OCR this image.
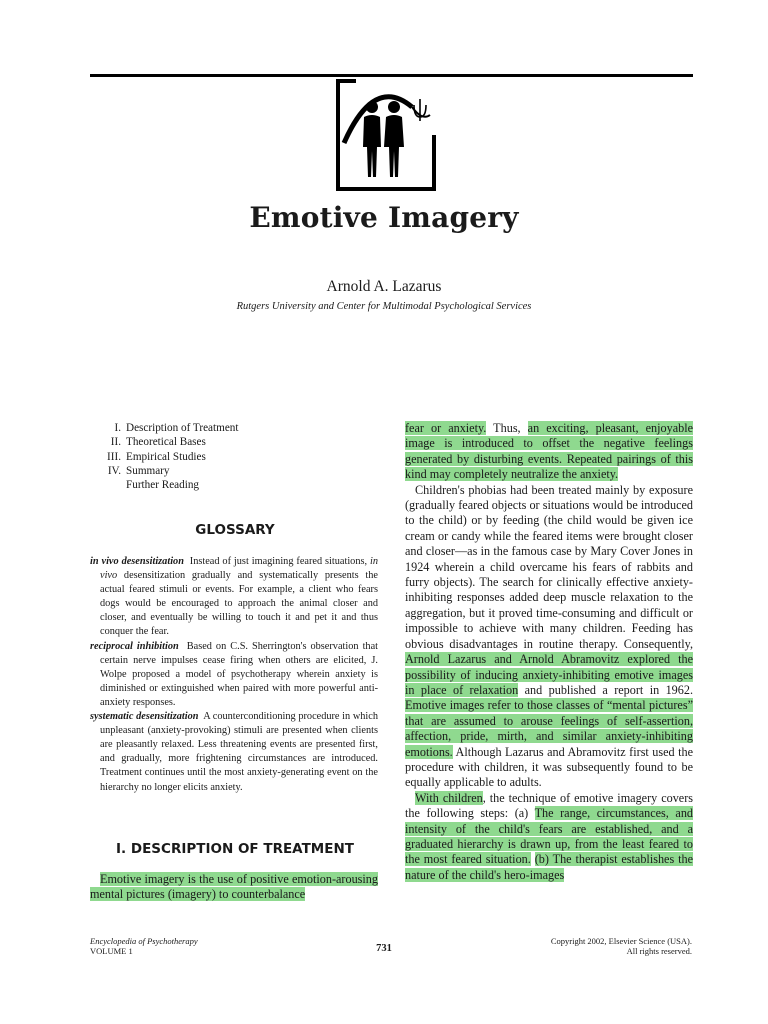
Emotive Imagery
Arnold A. Lazarus
Rutgers University and Center for Multimodal Psychological Services
I. Description of Treatment
II. Theoretical Bases
III. Empirical Studies
IV. Summary
Further Reading
GLOSSARY

in vivo desensitization Instead of just imagining feared situations, in vivo desensitization gradually and systematically presents the actual feared stimuli or events. For example, a client who fears dogs would be encouraged to approach the animal closer and closer, and eventually be willing to touch it and pet it and thus conquer the fear.

reciprocal inhibition Based on C.S. Sherrington's observation that certain nerve impulses cease firing when others are elicited, J. Wolpe proposed a model of psychotherapy wherein anxiety is diminished or extinguished when paired with more powerful anti-anxiety responses.

systematic desensitization A counterconditioning procedure in which unpleasant (anxiety-provoking) stimuli are presented when clients are pleasantly relaxed. Less threatening events are presented first, and gradually, more frightening circumstances are introduced. Treatment continues until the most anxiety-generating event on the hierarchy no longer elicits anxiety.

I. DESCRIPTION OF TREATMENT

Emotive imagery is the use of positive emotion-arousing mental pictures (imagery) to counterbalance

fear or anxiety. Thus, an exciting, pleasant, enjoyable image is introduced to offset the negative feelings generated by disturbing events. Repeated pairings of this kind may completely neutralize the anxiety.

Children's phobias had been treated mainly by exposure (gradually feared objects or situations would be introduced to the child) or by feeding (the child would be given ice cream or candy while the feared items were brought closer and closer—as in the famous case by Mary Cover Jones in 1924 wherein a child overcame his fears of rabbits and furry objects). The search for clinically effective anxiety-inhibiting responses added deep muscle relaxation to the aggregation, but it proved time-consuming and difficult or impossible to achieve with many children. Feeding has obvious disadvantages in routine therapy. Consequently, Arnold Lazarus and Arnold Abramovitz explored the possibility of inducing anxiety-inhibiting emotive images in place of relaxation and published a report in 1962. Emotive images refer to those classes of “mental pictures” that are assumed to arouse feelings of self-assertion, affection, pride, mirth, and similar anxiety-inhibiting emotions. Although Lazarus and Abramovitz first used the procedure with children, it was subsequently found to be equally applicable to adults.

With children, the technique of emotive imagery covers the following steps: (a) The range, circumstances, and intensity of the child's fears are established, and a graduated hierarchy is drawn up, from the least feared to the most feared situation. (b) The therapist establishes the nature of the child's hero-images

Encyclopedia of Psychotherapy
VOLUME 1	731
Copyright 2002, Elsevier Science (USA).
All rights reserved.
